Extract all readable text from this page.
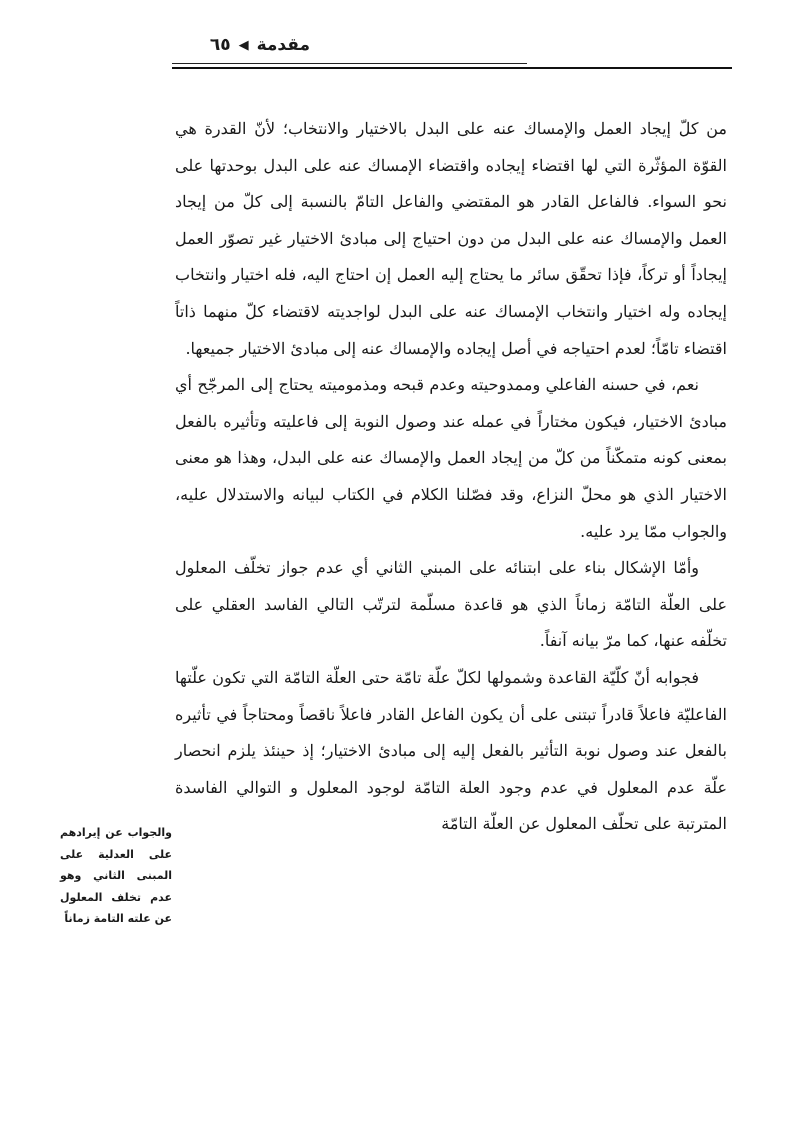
مقدمة
◀
٦٥

من كلّ إيجاد العمل والإمساك عنه على البدل بالاختيار والانتخاب؛ لأنّ القدرة هي القوّة المؤثّرة التي لها اقتضاء إيجاده واقتضاء الإمساك عنه على البدل بوحدتها على نحو السواء. فالفاعل القادر هو المقتضي والفاعل التامّ بالنسبة إلى كلّ من إيجاد العمل والإمساك عنه على البدل من دون احتياج إلى مبادئ الاختيار غير تصوّر العمل إيجاداً أو تركاً، فإذا تحقّق سائر ما يحتاج إليه العمل إن احتاج اليه، فله اختيار وانتخاب إيجاده وله اختيار وانتخاب الإمساك عنه على البدل لواجديته لاقتضاء كلّ منهما ذاتاً اقتضاء تامّاً؛ لعدم احتياجه في أصل إيجاده والإمساك عنه إلى مبادئ الاختيار جميعها.

نعم، في حسنه الفاعلي وممدوحيته وعدم قبحه ومذموميته يحتاج إلى المرجّح أي مبادئ الاختيار، فيكون مختاراً في عمله عند وصول النوبة إلى فاعليته وتأثيره بالفعل بمعنى كونه متمكّناً من كلّ من إيجاد العمل والإمساك عنه على البدل، وهذا هو معنى الاختيار الذي هو محلّ النزاع، وقد فصّلنا الكلام في الكتاب لبيانه والاستدلال عليه، والجواب ممّا يرد عليه.

وأمّا الإشكال بناء على ابتنائه على المبني الثاني أي عدم جواز تخلّف المعلول على العلّة التامّة زماناً الذي هو قاعدة مسلّمة لترتّب التالي الفاسد العقلي على تخلّفه عنها، كما مرّ بيانه آنفاً.

فجوابه أنّ كلّيّة القاعدة وشمولها لكلّ علّة تامّة حتى العلّة التامّة التي تكون علّتها الفاعليّة فاعلاً قادراً تبتنى على أن يكون الفاعل القادر فاعلاً ناقصاً ومحتاجاً في تأثيره بالفعل عند وصول نوبة التأثير بالفعل إليه إلى مبادئ الاختيار؛ إذ حينئذ يلزم انحصار علّة عدم المعلول في عدم وجود العلة التامّة لوجود المعلول و التوالي الفاسدة المترتبة على تحلّف المعلول عن العلّة التامّة

والجواب عن إيرادهم على العدلية على المبنى الثاني وهو عدم تخلف المعلول عن علته التامة زماناً
